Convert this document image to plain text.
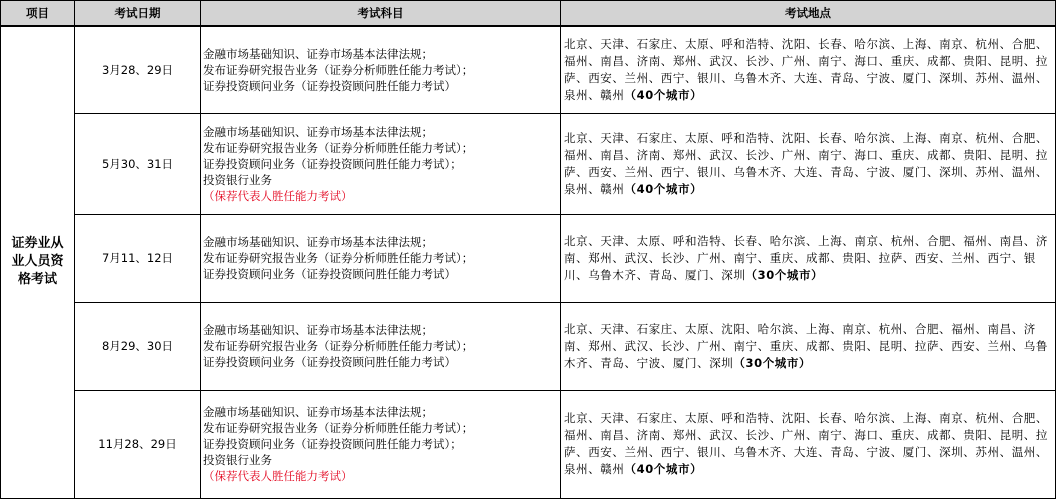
项目	考试日期	考试科目	考试地点
证券业从业人员资格考试	3月28、29日	金融市场基础知识、证券市场基本法律法规；
发布证券研究报告业务（证券分析师胜任能力考试）；
证券投资顾问业务（证券投资顾问胜任能力考试）	北京、天津、石家庄、太原、呼和浩特、沈阳、长春、哈尔滨、上海、南京、杭州、合肥、福州、南昌、济南、郑州、武汉、长沙、广州、南宁、海口、重庆、成都、贵阳、昆明、拉萨、西安、兰州、西宁、银川、乌鲁木齐、大连、青岛、宁波、厦门、深圳、苏州、温州、泉州、赣州（40个城市）
	5月30、31日	金融市场基础知识、证券市场基本法律法规；
发布证券研究报告业务（证券分析师胜任能力考试）；
证券投资顾问业务（证券投资顾问胜任能力考试）；
投资银行业务
（保荐代表人胜任能力考试）	北京、天津、石家庄、太原、呼和浩特、沈阳、长春、哈尔滨、上海、南京、杭州、合肥、福州、南昌、济南、郑州、武汉、长沙、广州、南宁、海口、重庆、成都、贵阳、昆明、拉萨、西安、兰州、西宁、银川、乌鲁木齐、大连、青岛、宁波、厦门、深圳、苏州、温州、泉州、赣州（40个城市）
	7月11、12日	金融市场基础知识、证券市场基本法律法规；
发布证券研究报告业务（证券分析师胜任能力考试）；
证券投资顾问业务（证券投资顾问胜任能力考试）	北京、天津、太原、呼和浩特、长春、哈尔滨、上海、南京、杭州、合肥、福州、南昌、济南、郑州、武汉、长沙、广州、南宁、重庆、成都、贵阳、拉萨、西安、兰州、西宁、银川、乌鲁木齐、青岛、厦门、深圳（30个城市）
	8月29、30日	金融市场基础知识、证券市场基本法律法规；
发布证券研究报告业务（证券分析师胜任能力考试）；
证券投资顾问业务（证券投资顾问胜任能力考试）	北京、天津、石家庄、太原、沈阳、哈尔滨、上海、南京、杭州、合肥、福州、南昌、济南、郑州、武汉、长沙、广州、南宁、重庆、成都、贵阳、昆明、拉萨、西安、兰州、乌鲁木齐、青岛、宁波、厦门、深圳（30个城市）
	11月28、29日	金融市场基础知识、证券市场基本法律法规；
发布证券研究报告业务（证券分析师胜任能力考试）；
证券投资顾问业务（证券投资顾问胜任能力考试）；
投资银行业务
（保荐代表人胜任能力考试）	北京、天津、石家庄、太原、呼和浩特、沈阳、长春、哈尔滨、上海、南京、杭州、合肥、福州、南昌、济南、郑州、武汉、长沙、广州、南宁、海口、重庆、成都、贵阳、昆明、拉萨、西安、兰州、西宁、银川、乌鲁木齐、大连、青岛、宁波、厦门、深圳、苏州、温州、泉州、赣州（40个城市）
